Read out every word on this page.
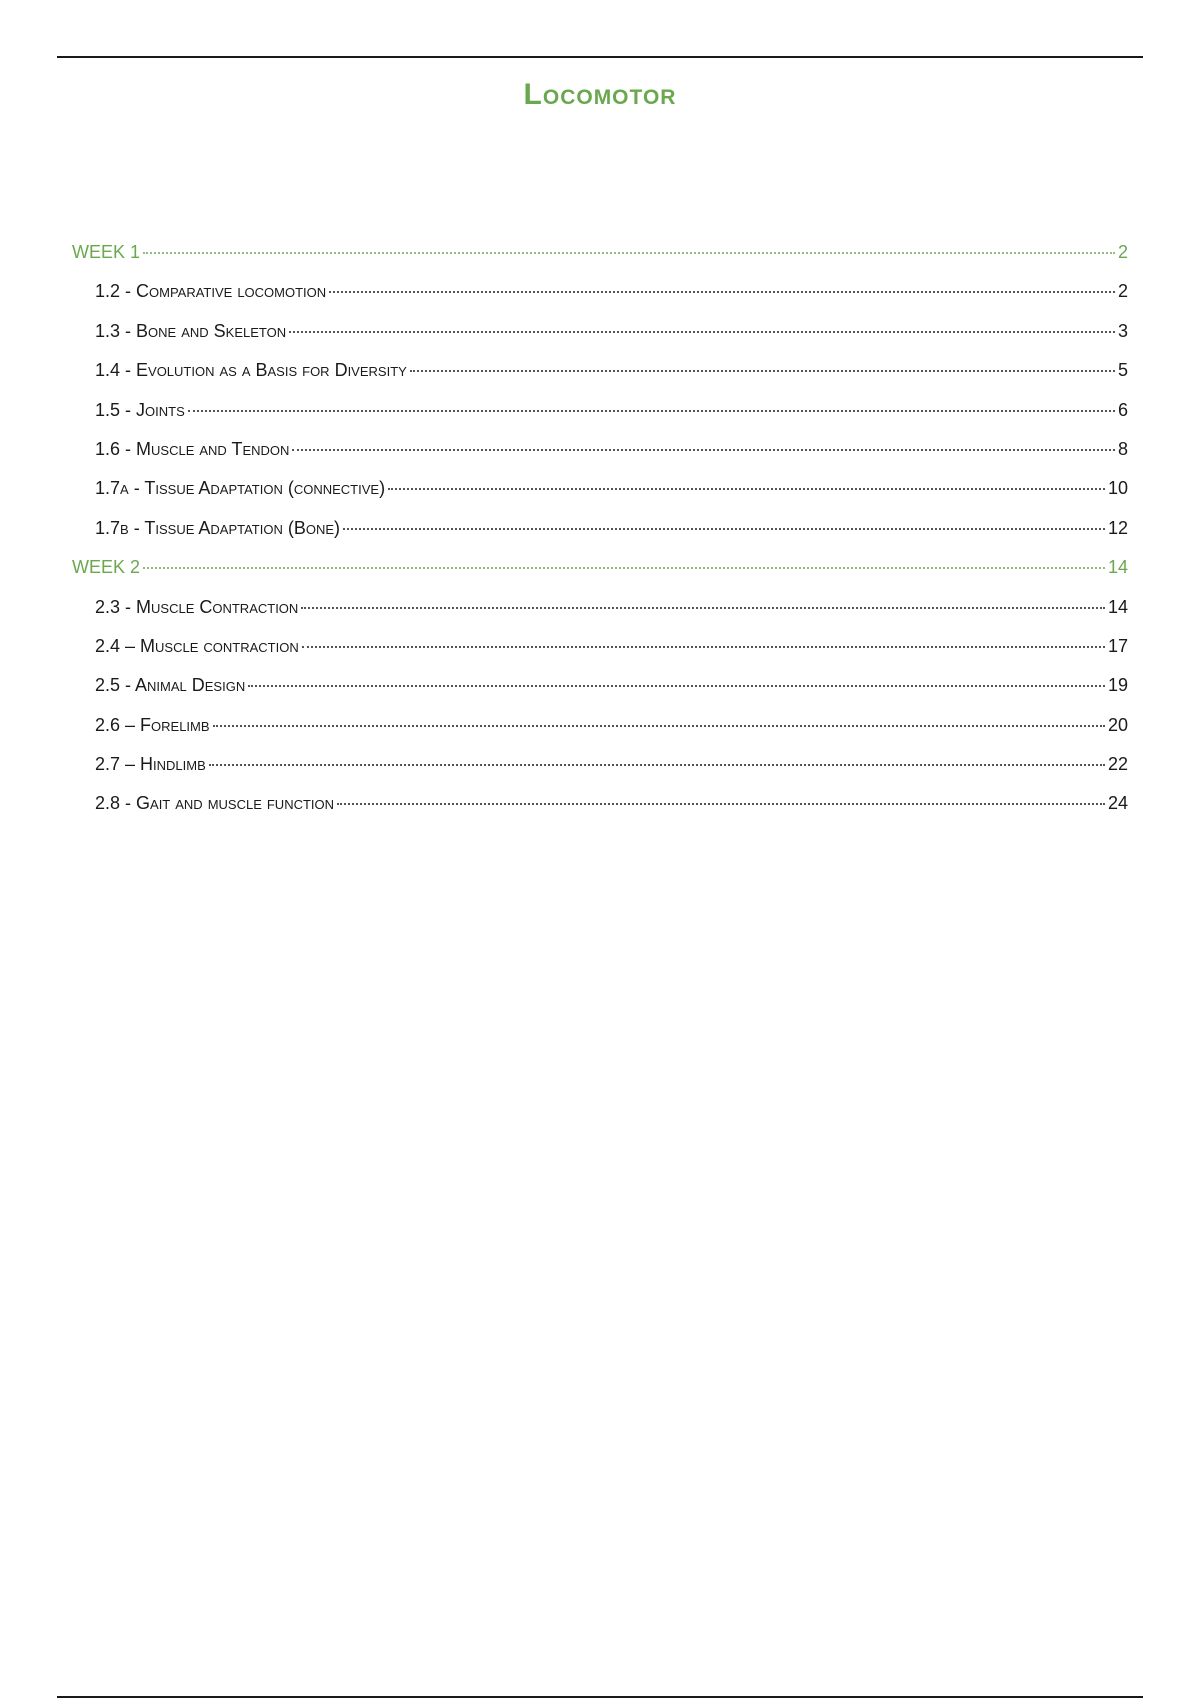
Locomotor
WEEK 1	2
1.2 - Comparative locomotion	2
1.3 - Bone and Skeleton	3
1.4 - Evolution as a Basis for Diversity	5
1.5 - Joints	6
1.6 - Muscle and Tendon	8
1.7a - Tissue Adaptation (connective)	10
1.7b - Tissue Adaptation (Bone)	12
WEEK 2	14
2.3 - Muscle Contraction	14
2.4 – Muscle contraction	17
2.5 - Animal Design	19
2.6 – Forelimb	20
2.7 – Hindlimb	22
2.8 - Gait and muscle function	24
